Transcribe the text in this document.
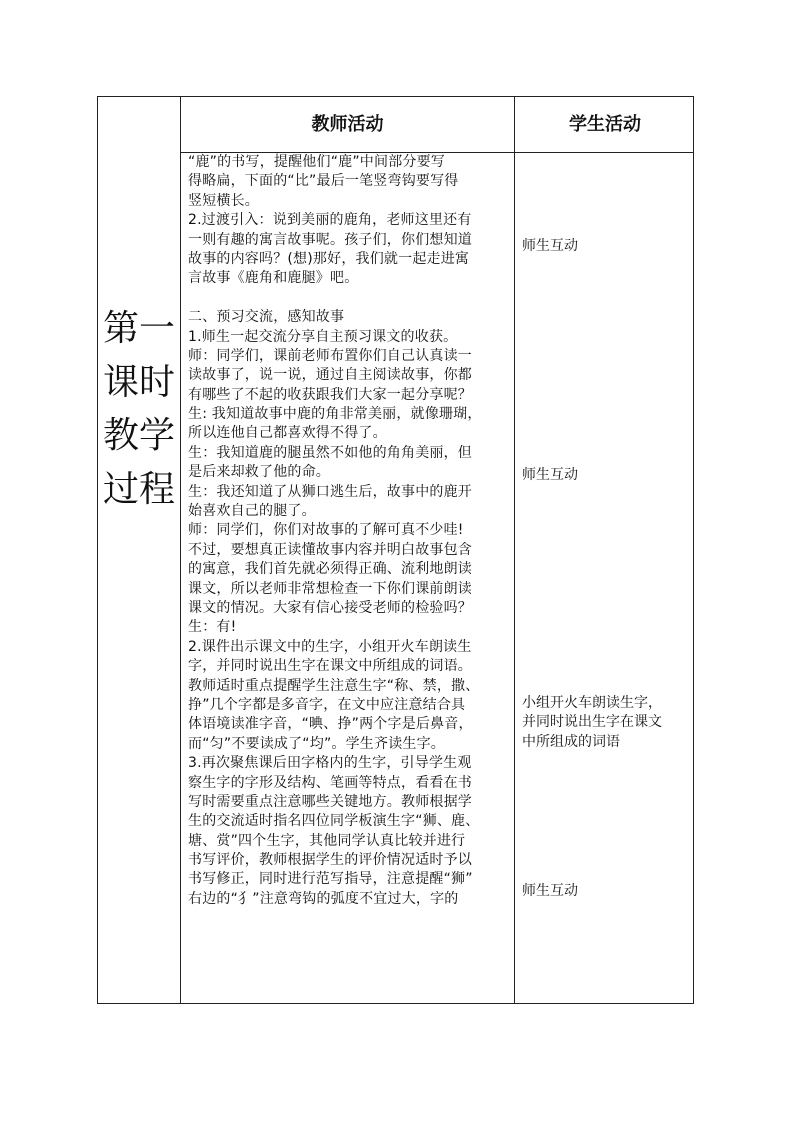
第一课时教学过程
教师活动	学生活动
“鹿”的书写，提醒他们“鹿”中间部分要写
得略扁，下面的“比”最后一笔竖弯钩要写得
竖短横长。
2.过渡引入：说到美丽的鹿角，老师这里还有
一则有趣的寓言故事呢。孩子们，你们想知道
故事的内容吗？(想)那好，我们就一起走进寓
言故事《鹿角和鹿腿》吧。
二、预习交流，感知故事
1.师生一起交流分享自主预习课文的收获。
师：同学们，课前老师布置你们自己认真读一
读故事了，说一说，通过自主阅读故事，你都
有哪些了不起的收获跟我们大家一起分享呢？
生: 我知道故事中鹿的角非常美丽，就像珊瑚，
所以连他自己都喜欢得不得了。
生：我知道鹿的腿虽然不如他的角角美丽，但
是后来却救了他的命。
生：我还知道了从狮口逃生后，故事中的鹿开
始喜欢自己的腿了。
师：同学们，你们对故事的了解可真不少哇!
不过，要想真正读懂故事内容并明白故事包含
的寓意，我们首先就必须得正确、流利地朗读
课文，所以老师非常想检查一下你们课前朗读
课文的情况。大家有信心接受老师的检验吗？
生：有!
2.课件出示课文中的生字，小组开火车朗读生
字，并同时说出生字在课文中所组成的词语。
教师适时重点提醒学生注意生字“称、禁，撒、
挣”几个字都是多音字，在文中应注意结合具
体语境读准字音，“晪、挣”两个字是后鼻音，
而“匀”不要读成了“均”。学生齐读生字。
3.再次聚焦课后田字格内的生字，引导学生观
察生字的字形及结构、笔画等特点，看看在书
写时需要重点注意哪些关键地方。教师根据学
生的交流适时指名四位同学板演生字“狮、鹿、
塘、赏”四个生字，其他同学认真比较并进行
书写评价，教师根据学生的评价情况适时予以
书写修正，同时进行范写指导，注意提醒“狮”
右边的“犭”注意弯钩的弧度不宜过大，字的
师生互动
师生互动
小组开火车朗读生字，
并同时说出生字在课文
中所组成的词语
师生互动
